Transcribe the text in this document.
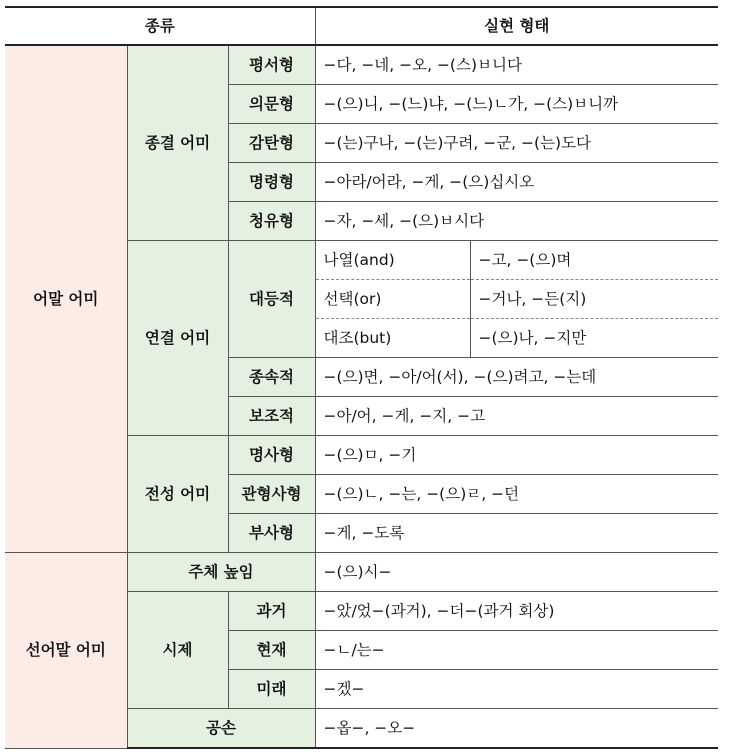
종류			실현 형태	
어말 어미	종결 어미	평서형	−다, −네, −오, −(스)ㅂ니다	
		의문형	−(으)니, −(느)냐, −(느)ㄴ가, −(스)ㅂ니까	
		감탄형	−(는)구나, −(는)구려, −군, −(는)도다	
		명령형	−아라/어라, −게, −(으)십시오	
		청유형	−자, −세, −(으)ㅂ시다	
	연결 어미	대등적	나열(and)	−고, −(으)며
			선택(or)	−거나, −든(지)
			대조(but)	−(으)나, −지만
		종속적	−(으)면, −아/어(서), −(으)려고, −는데	
		보조적	−아/어, −게, −지, −고	
	전성 어미	명사형	−(으)ㅁ, −기	
		관형사형	−(으)ㄴ, −는, −(으)ㄹ, −던	
		부사형	−게, −도록	
선어말 어미	주체 높임		−(으)시−	
	시제	과거	−았/었−(과거), −더−(과거 회상)	
		현재	−ㄴ/는−	
		미래	−겠−	
	공손		−옵−, −오−	
